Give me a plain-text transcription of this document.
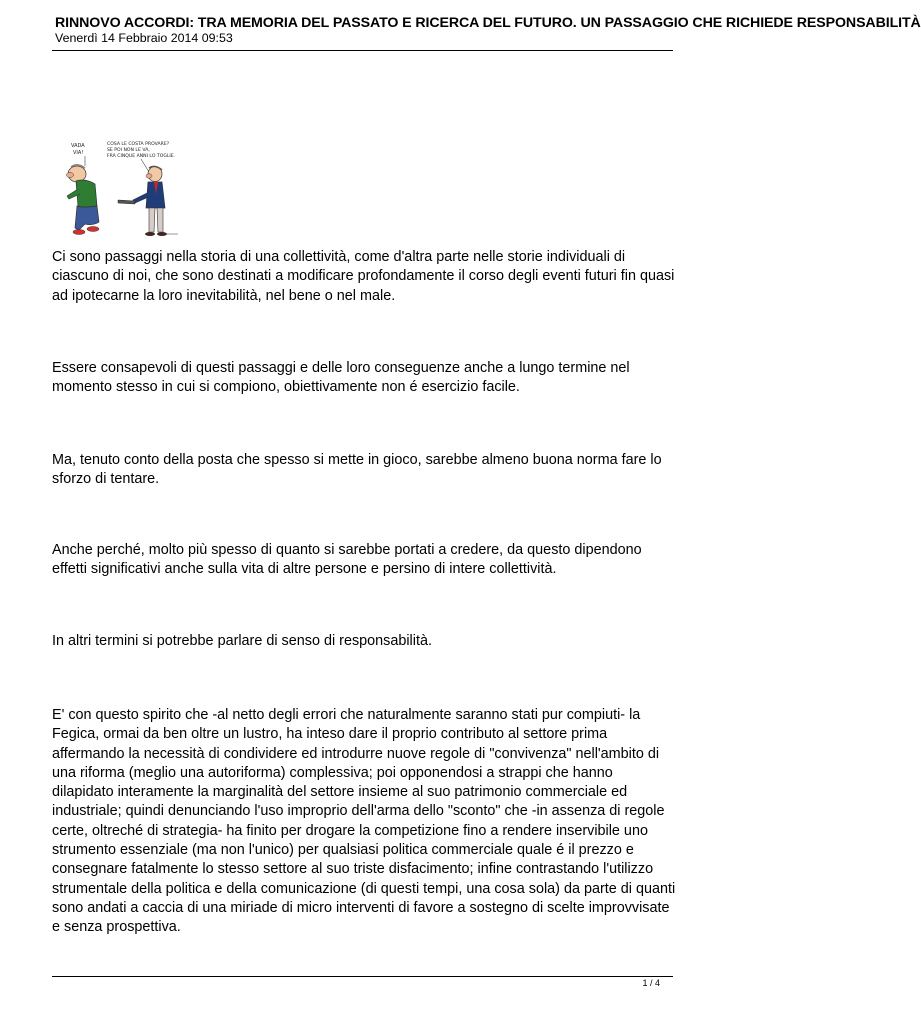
RINNOVO ACCORDI: TRA MEMORIA DEL PASSATO E RICERCA DEL FUTURO. UN PASSAGGIO CHE RICHIEDE RESPONSABILITÀ
Venerdì 14 Febbraio 2014 09:53
VADA
VIA!
COSA LE COSTA PROVARE?
SE POI NON LE VA,
FRA CINQUE ANNI LO TOGLIE.

Ci sono passaggi nella storia di una collettività, come d'altra parte nelle storie individuali di ciascuno di noi, che sono destinati a modificare profondamente il corso degli eventi futuri fin quasi ad ipotecarne la loro inevitabilità, nel bene o nel male.

Essere consapevoli di questi passaggi e delle loro conseguenze anche a lungo termine nel momento stesso in cui si compiono, obiettivamente non é esercizio facile.

Ma, tenuto conto della posta che spesso si mette in gioco, sarebbe almeno buona norma fare lo sforzo di tentare.

Anche perché, molto più spesso di quanto si sarebbe portati a credere, da questo dipendono effetti significativi anche sulla vita di altre persone e persino di intere collettività.

In altri termini si potrebbe parlare di senso di responsabilità.

E' con questo spirito che -al netto degli errori che naturalmente saranno stati pur compiuti- la Fegica, ormai da ben oltre un lustro, ha inteso dare il proprio contributo al settore prima affermando la necessità di condividere ed introdurre nuove regole di "convivenza" nell'ambito di una riforma (meglio una autoriforma) complessiva; poi opponendosi a strappi che hanno dilapidato interamente la marginalità del settore insieme al suo patrimonio commerciale ed industriale; quindi denunciando l'uso improprio dell'arma dello "sconto" che -in assenza di regole certe, oltreché di strategia- ha finito per drogare la competizione fino a rendere inservibile uno strumento essenziale (ma non l'unico) per qualsiasi politica commerciale quale é il prezzo e consegnare fatalmente lo stesso settore al suo triste disfacimento; infine contrastando l'utilizzo strumentale della politica e della comunicazione (di questi tempi, una cosa sola) da parte di quanti sono andati a caccia di una miriade di micro interventi di favore a sostegno di scelte improvvisate e senza prospettiva.

1 / 4
